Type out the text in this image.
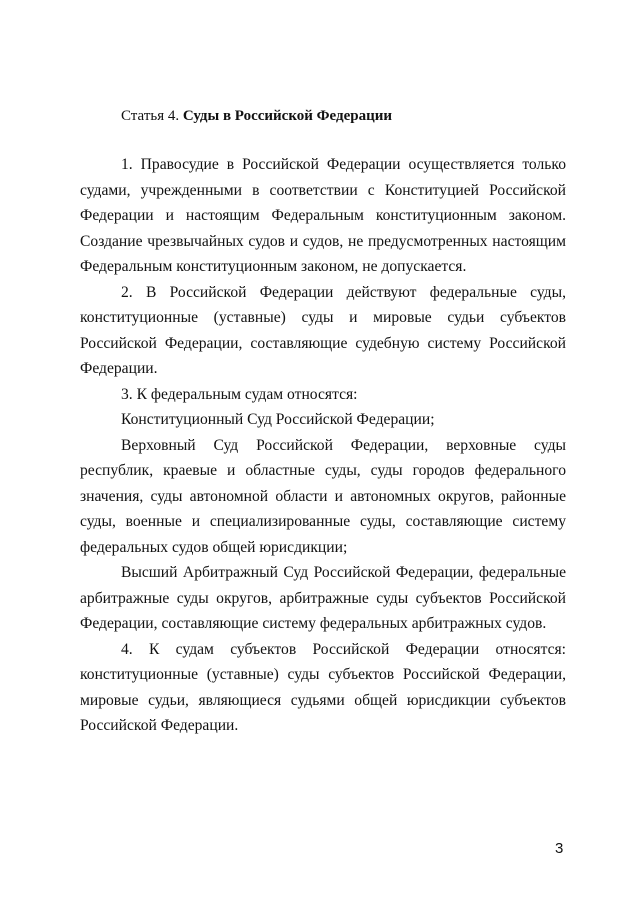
Статья 4. Суды в Российской Федерации

1. Правосудие в Российской Федерации осуществляется только судами, учрежденными в соответствии с Конституцией Российской Федерации и настоящим Федеральным конституционным законом. Создание чрезвычайных судов и судов, не предусмотренных настоящим Федеральным конституционным законом, не допускается.

2. В Российской Федерации действуют федеральные суды, конституционные (уставные) суды и мировые судьи субъектов Российской Федерации, составляющие судебную систему Российской Федерации.

3. К федеральным судам относятся:

Конституционный Суд Российской Федерации;

Верховный Суд Российской Федерации, верховные суды республик, краевые и областные суды, суды городов федерального значения, суды автономной области и автономных округов, районные суды, военные и специализированные суды, составляющие систему федеральных судов общей юрисдикции;

Высший Арбитражный Суд Российской Федерации, федеральные арбитражные суды округов, арбитражные суды субъектов Российской Федерации, составляющие систему федеральных арбитражных судов.

4. К судам субъектов Российской Федерации относятся: конституционные (уставные) суды субъектов Российской Федерации, мировые судьи, являющиеся судьями общей юрисдикции субъектов Российской Федерации.

3
